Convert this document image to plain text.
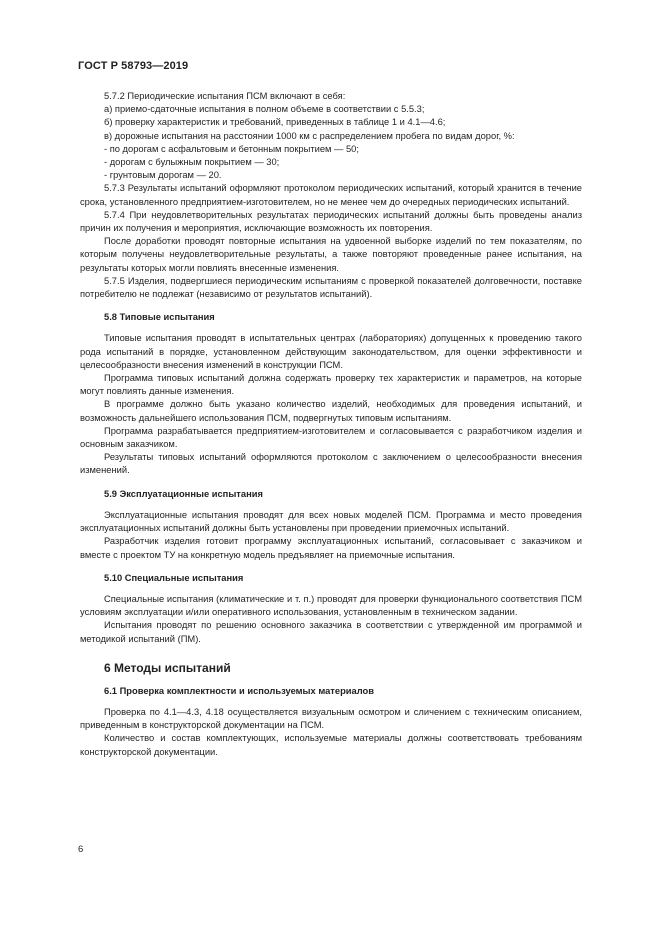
ГОСТ Р 58793—2019

5.7.2 Периодические испытания ПСМ включают в себя:

а) приемо-сдаточные испытания в полном объеме в соответствии с 5.5.3;

б) проверку характеристик и требований, приведенных в таблице 1 и 4.1—4.6;

в) дорожные испытания на расстоянии 1000 км с распределением пробега по видам дорог, %:

- по дорогам с асфальтовым и бетонным покрытием — 50;

- дорогам с булыжным покрытием — 30;

- грунтовым дорогам — 20.

5.7.3 Результаты испытаний оформляют протоколом периодических испытаний, который хранится в течение срока, установленного предприятием-изготовителем, но не менее чем до очередных периодических испытаний.

5.7.4 При неудовлетворительных результатах периодических испытаний должны быть проведены анализ причин их получения и мероприятия, исключающие возможность их повторения.

После доработки проводят повторные испытания на удвоенной выборке изделий по тем показателям, по которым получены неудовлетворительные результаты, а также повторяют проведенные ранее испытания, на результаты которых могли повлиять внесенные изменения.

5.7.5 Изделия, подвергшиеся периодическим испытаниям с проверкой показателей долговечности, поставке потребителю не подлежат (независимо от результатов испытаний).

5.8 Типовые испытания

Типовые испытания проводят в испытательных центрах (лабораториях) допущенных к проведению такого рода испытаний в порядке, установленном действующим законодательством, для оценки эффективности и целесообразности внесения изменений в конструкции ПСМ.

Программа типовых испытаний должна содержать проверку тех характеристик и параметров, на которые могут повлиять данные изменения.

В программе должно быть указано количество изделий, необходимых для проведения испытаний, и возможность дальнейшего использования ПСМ, подвергнутых типовым испытаниям.

Программа разрабатывается предприятием-изготовителем и согласовывается с разработчиком изделия и основным заказчиком.

Результаты типовых испытаний оформляются протоколом с заключением о целесообразности внесения изменений.

5.9 Эксплуатационные испытания

Эксплуатационные испытания проводят для всех новых моделей ПСМ. Программа и место проведения эксплуатационных испытаний должны быть установлены при проведении приемочных испытаний.

Разработчик изделия готовит программу эксплуатационных испытаний, согласовывает с заказчиком и вместе с проектом ТУ на конкретную модель предъявляет на приемочные испытания.

5.10 Специальные испытания

Специальные испытания (климатические и т. п.) проводят для проверки функционального соответствия ПСМ условиям эксплуатации и/или оперативного использования, установленным в техническом задании.

Испытания проводят по решению основного заказчика в соответствии с утвержденной им программой и методикой испытаний (ПМ).

6 Методы испытаний

6.1 Проверка комплектности и используемых материалов

Проверка по 4.1—4.3, 4.18 осуществляется визуальным осмотром и сличением с техническим описанием, приведенным в конструкторской документации на ПСМ.

Количество и состав комплектующих, используемые материалы должны соответствовать требованиям конструкторской документации.

6
